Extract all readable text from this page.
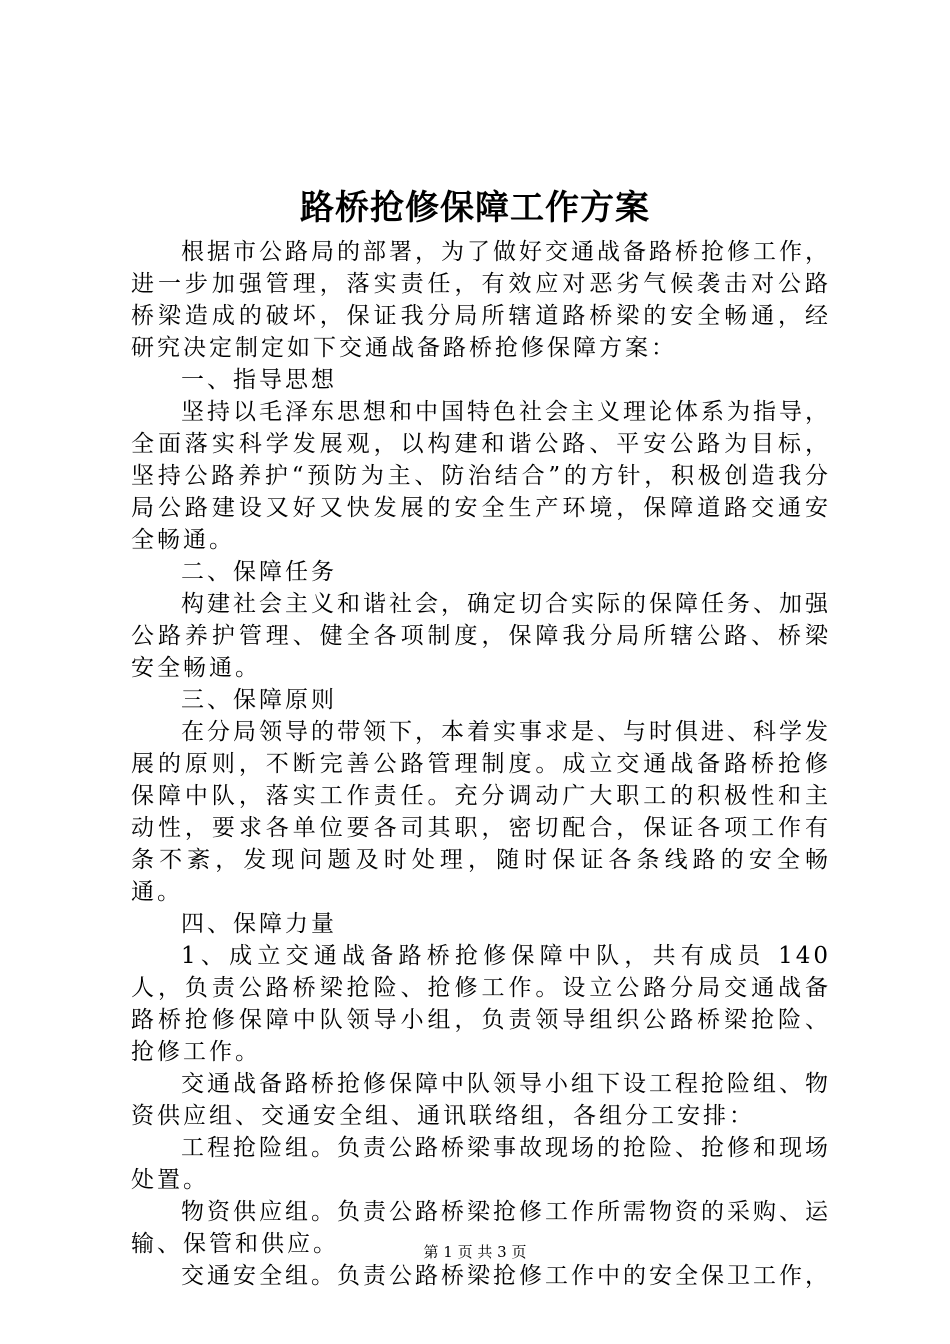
路桥抢修保障工作方案

根据市公路局的部署，为了做好交通战备路桥抢修工作，进一步加强管理，落实责任，有效应对恶劣气候袭击对公路桥梁造成的破坏，保证我分局所辖道路桥梁的安全畅通，经研究决定制定如下交通战备路桥抢修保障方案：

一、指导思想

坚持以毛泽东思想和中国特色社会主义理论体系为指导，全面落实科学发展观，以构建和谐公路、平安公路为目标，坚持公路养护“预防为主、防治结合”的方针，积极创造我分局公路建设又好又快发展的安全生产环境，保障道路交通安全畅通。

二、保障任务

构建社会主义和谐社会，确定切合实际的保障任务、加强公路养护管理、健全各项制度，保障我分局所辖公路、桥梁安全畅通。

三、保障原则

在分局领导的带领下，本着实事求是、与时俱进、科学发展的原则，不断完善公路管理制度。成立交通战备路桥抢修保障中队，落实工作责任。充分调动广大职工的积极性和主动性，要求各单位要各司其职，密切配合，保证各项工作有条不紊，发现问题及时处理，随时保证各条线路的安全畅通。

四、保障力量

1、成立交通战备路桥抢修保障中队，共有成员 140 人，负责公路桥梁抢险、抢修工作。设立公路分局交通战备路桥抢修保障中队领导小组，负责领导组织公路桥梁抢险、抢修工作。

交通战备路桥抢修保障中队领导小组下设工程抢险组、物资供应组、交通安全组、通讯联络组，各组分工安排：

工程抢险组。负责公路桥梁事故现场的抢险、抢修和现场处置。

物资供应组。负责公路桥梁抢修工作所需物资的采购、运输、保管和供应。

交通安全组。负责公路桥梁抢修工作中的安全保卫工作，

第 1 页 共 3 页
